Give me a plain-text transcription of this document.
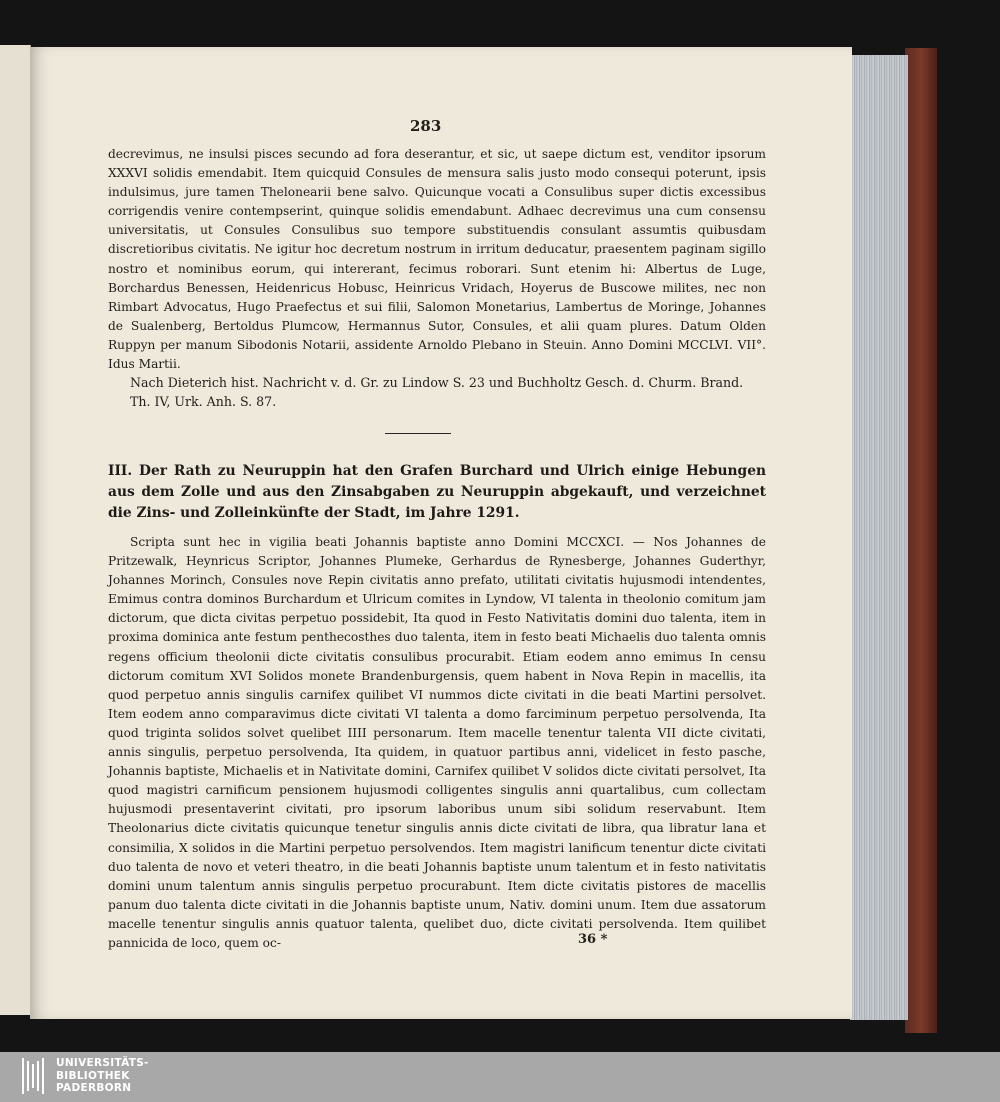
283
decrevimus, ne insulsi pisces secundo ad fora deserantur, et sic, ut saepe dictum est, venditor ipsorum XXXVI solidis emendabit. Item quicquid Consules de mensura salis justo modo consequi poterunt, ipsis indulsimus, jure tamen Thelonearii bene salvo. Quicunque vocati a Consulibus super dictis excessibus corrigendis venire contempserint, quinque solidis emendabunt. Adhaec decrevimus una cum consensu universitatis, ut Consules Consulibus suo tempore substituendis consulant assumtis quibusdam discretioribus civitatis. Ne igitur hoc decretum nostrum in irritum deducatur, praesentem paginam sigillo nostro et nominibus eorum, qui intererant, fecimus roborari. Sunt etenim hi: Albertus de Luge, Borchardus Benessen, Heidenricus Hobusc, Heinricus Vridach, Hoyerus de Buscowe milites, nec non Rimbart Advocatus, Hugo Praefectus et sui filii, Salomon Monetarius, Lambertus de Moringe, Johannes de Sualenberg, Bertoldus Plumcow, Hermannus Sutor, Consules, et alii quam plures. Datum Olden Ruppyn per manum Sibodonis Notarii, assidente Arnoldo Plebano in Steuin. Anno Domini MCCLVI. VII°. Idus Martii.
Nach Dieterich hist. Nachricht v. d. Gr. zu Lindow S. 23 und Buchholtz Gesch. d. Churm. Brand. Th. IV, Urk. Anh. S. 87.
III. Der Rath zu Neuruppin hat den Grafen Burchard und Ulrich einige Hebungen aus dem Zolle und aus den Zinsabgaben zu Neuruppin abgekauft, und verzeichnet die Zins- und Zolleinkünfte der Stadt, im Jahre 1291.
Scripta sunt hec in vigilia beati Johannis baptiste anno Domini MCCXCI. — Nos Johannes de Pritzewalk, Heynricus Scriptor, Johannes Plumeke, Gerhardus de Rynesberge, Johannes Guderthyr, Johannes Morinch, Consules nove Repin civitatis anno prefato, utilitati civitatis hujusmodi intendentes, Emimus contra dominos Burchardum et Ulricum comites in Lyndow, VI talenta in theolonio comitum jam dictorum, que dicta civitas perpetuo possidebit, Ita quod in Festo Nativitatis domini duo talenta, item in proxima dominica ante festum penthecosthes duo talenta, item in festo beati Michaelis duo talenta omnis regens officium theolonii dicte civitatis consulibus procurabit. Etiam eodem anno emimus In censu dictorum comitum XVI Solidos monete Brandenburgensis, quem habent in Nova Repin in macellis, ita quod perpetuo annis singulis carnifex quilibet VI nummos dicte civitati in die beati Martini persolvet. Item eodem anno comparavimus dicte civitati VI talenta a domo farciminum perpetuo persolvenda, Ita quod triginta solidos solvet quelibet IIII personarum. Item macelle tenentur talenta VII dicte civitati, annis singulis, perpetuo persolvenda, Ita quidem, in quatuor partibus anni, videlicet in festo pasche, Johannis baptiste, Michaelis et in Nativitate domini, Carnifex quilibet V solidos dicte civitati persolvet, Ita quod magistri carnificum pensionem hujusmodi colligentes singulis anni quartalibus, cum collectam hujusmodi presentaverint civitati, pro ipsorum laboribus unum sibi solidum reservabunt. Item Theolonarius dicte civitatis quicunque tenetur singulis annis dicte civitati de libra, qua libratur lana et consimilia, X solidos in die Martini perpetuo persolvendos. Item magistri lanificum tenentur dicte civitati duo talenta de novo et veteri theatro, in die beati Johannis baptiste unum talentum et in festo nativitatis domini unum talentum annis singulis perpetuo procurabunt. Item dicte civitatis pistores de macellis panum duo talenta dicte civitati in die Johannis baptiste unum, Nativ. domini unum. Item due assatorum macelle tenentur singulis annis quatuor talenta, quelibet duo, dicte civitati persolvenda. Item quilibet pannicida de loco, quem oc-	36 *
UNIVERSITÄTS-
BIBLIOTHEK
PADERBORN
